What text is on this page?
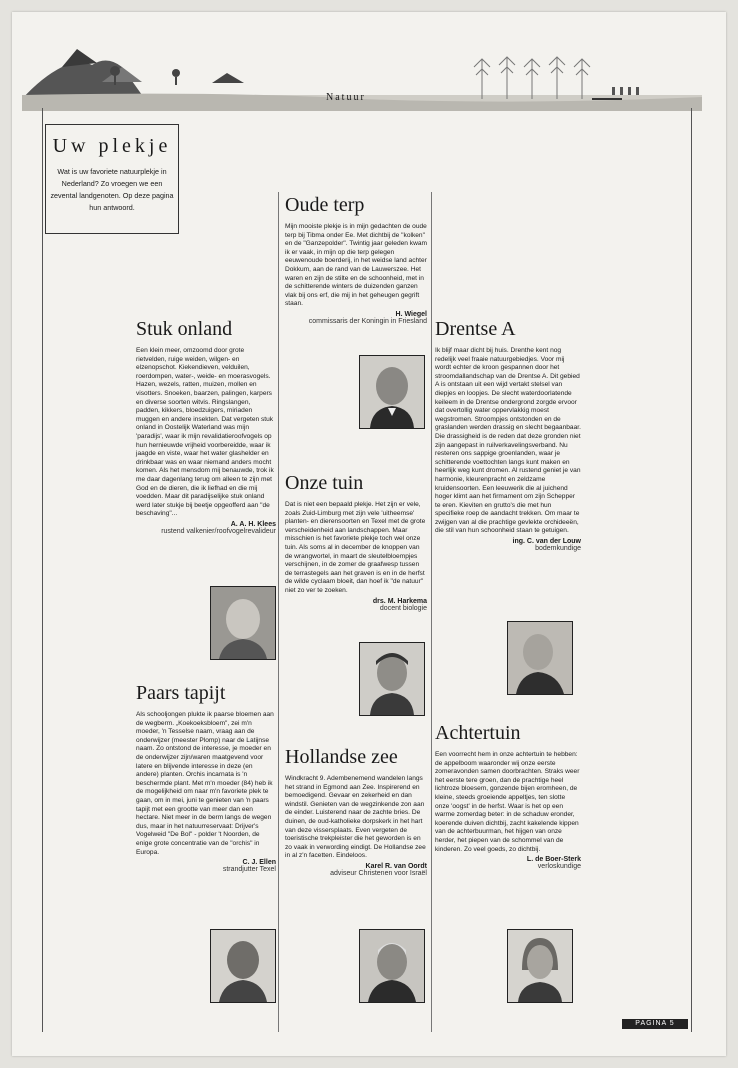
Natuur
Uw plekje

Wat is uw favoriete natuurplekje in Nederland? Zo vroegen we een zevental landgenoten. Op deze pagina hun antwoord.	Oude terp

Mijn mooiste plekje is in mijn gedachten de oude terp bij Tibma onder Ee. Met dichtbij de "kolken" en de "Ganzepolder". Twintig jaar geleden kwam ik er vaak, in mijn op die terp gelegen eeuwenoude boerderij, in het weidse land achter Dokkum, aan de rand van de Lauwerszee. Het waren en zijn de stilte en de schoonheid, met in de schitterende winters de duizenden ganzen vlak bij ons erf, die mij in het geheugen gegrift staan.

H. Wiegel
commissaris der Koningin in Friesland
Stuk onland

Een klein meer, omzoomd door grote rietvelden, ruige weiden, wilgen- en elzenopschot. Kiekendieven, velduilen, roerdompen, water-, weide- en moerasvogels. Hazen, wezels, ratten, muizen, mollen en visotters. Snoeken, baarzen, palingen, karpers en diverse soorten witvis. Ringslangen, padden, kikkers, bloedzuigers, miriaden muggen en andere insekten. Dat vergeten stuk onland in Oostelijk Waterland was mijn 'paradijs', waar ik mijn revalidatieroofvogels op hun hernieuwde vrijheid voorbereidde, waar ik jaagde en viste, waar het water glashelder en drinkbaar was en waar niemand anders mocht komen. Als het mensdom mij benauwde, trok ik me daar dagenlang terug om alleen te zijn met God en de dieren, die ik liefhad en die mij voedden. Maar dit paradijselijke stuk onland werd later stukje bij beetje opgeofferd aan "de beschaving"...

A. A. H. Klees
rustend valkenier/roofvogelrevalideur
Onze tuin

Dat is niet een bepaald plekje. Het zijn er vele, zoals Zuid-Limburg met zijn vele 'uitheemse' planten- en dierensoorten en Texel met de grote verscheidenheid aan landschappen. Maar misschien is het favoriete plekje toch wel onze tuin. Als soms al in december de knoppen van de wrangwortel, in maart de sleutelbloempjes verschijnen, in de zomer de graafwesp tussen de terrastegels aan het graven is en in de herfst de wilde cyclaam bloeit, dan hoef ik "de natuur" niet zo ver te zoeken.

drs. M. Harkema
docent biologie
Drentse A

Ik blijf maar dicht bij huis. Drenthe kent nog redelijk veel fraaie natuurgebiedjes. Voor mij wordt echter de kroon gespannen door het stroomdallandschap van de Drentse A. Dit gebied A is ontstaan uit een wijd vertakt stelsel van diepjes en loopjes. De slecht waterdoorlatende keileem in de Drentse ondergrond zorgde ervoor dat overtollig water oppervlakkig moest wegstromen. Stroompjes ontstonden en de graslanden werden drassig en slecht begaanbaar. Die drassigheid is de reden dat deze gronden niet zijn aangepast in ruilverkavelingsverband. Nu resteren ons sappige groenlanden, waar je schitterende voettochten langs kunt maken en heerlijk weg kunt dromen. Al rustend geniet je van harmonie, kleurenpracht en zeldzame kruidensoorten. Een leeuwerik die al juichend hoger klimt aan het firmament om zijn Schepper te eren. Kieviten en grutto's die met hun specifieke roep de aandacht trekken. Om maar te zwijgen van al die prachtige gevlekte orchideeën, die stil van hun schoonheid staan te getuigen.

ing. C. van der Louw
bodemkundige
Paars tapijt

Als schooljongen plukte ik paarse bloemen aan de wegberm. „Koekoeksbloem", zei m'n moeder, 'n Tesselse naam, vraag aan de onderwijzer (meester Plomp) naar de Latijnse naam. Zo ontstond de interesse, je moeder en de onderwijzer zijn/waren maatgevend voor latere en blijvende interesse in deze (en andere) planten. Orchis incarnata is 'n beschermde plant. Met m'n moeder (84) heb ik de mogelijkheid om naar m'n favoriete plek te gaan, om in mei, juni te genieten van 'n paars tapijt met een grootte van meer dan een hectare. Niet meer in de berm langs de wegen dus, maar in het natuurreservaat: Drijver's Vogelweid "De Bol" - polder 't Noorden, de enige grote concentratie van de "orchis" in Europa.

C. J. Ellen
strandjutter Texel
Hollandse zee

Windkracht 9. Adembenemend wandelen langs het strand in Egmond aan Zee. Inspirerend en bemoedigend. Gevaar en zekerheid en dan windstil. Genieten van de wegzinkende zon aan de einder. Luisterend naar de zachte bries. De duinen, de oud-katholieke dorpskerk in het hart van deze vissersplaats. Even vergeten de toeristische trekpleister die het geworden is en zo vaak in verwording eindigt. De Hollandse zee in al z'n facetten. Eindeloos.

Karel R. van Oordt
adviseur Christenen voor Israël
Achtertuin

Een voorrecht hem in onze achtertuin te hebben: de appelboom waaronder wij onze eerste zomeravonden samen doorbrachten. Straks weer het eerste tere groen, dan de prachtige heel lichtroze bloesem, gonzende bijen eromheen, de kleine, steeds groeiende appeltjes, ten slotte onze 'oogst' in de herfst. Waar is het op een warme zomerdag beter: in de schaduw eronder, koerende duiven dichtbij, zacht kakelende kippen van de achterbuurman, het hijgen van onze herder, het piepen van de schommel van de kinderen. Zo veel goeds, zo dichtbij.

L. de Boer-Sterk
verloskundige
PAGINA 5
